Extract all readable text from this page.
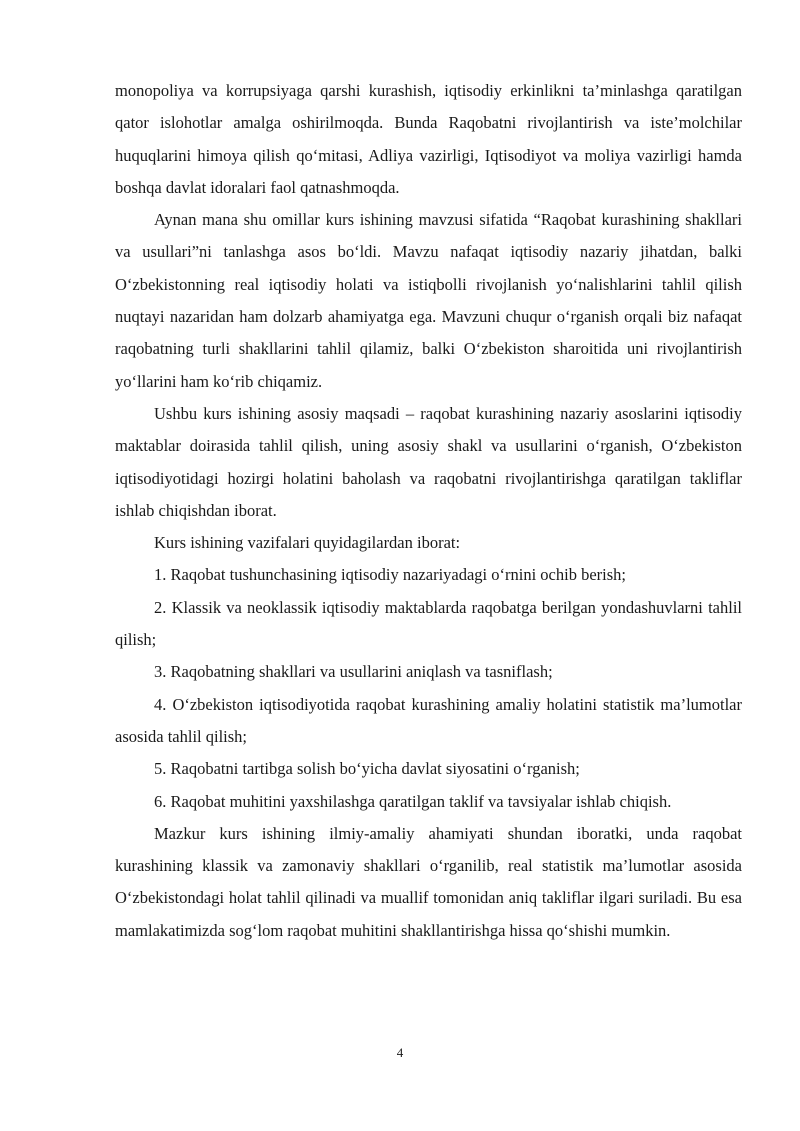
monopoliya va korrupsiyaga qarshi kurashish, iqtisodiy erkinlikni ta’minlashga qaratilgan qator islohotlar amalga oshirilmoqda. Bunda Raqobatni rivojlantirish va iste’molchilar huquqlarini himoya qilish qo‘mitasi, Adliya vazirligi, Iqtisodiyot va moliya vazirligi hamda boshqa davlat idoralari faol qatnashmoqda.

Aynan mana shu omillar kurs ishining mavzusi sifatida “Raqobat kurashining shakllari va usullari”ni tanlashga asos bo‘ldi. Mavzu nafaqat iqtisodiy nazariy jihatdan, balki O‘zbekistonning real iqtisodiy holati va istiqbolli rivojlanish yo‘nalishlarini tahlil qilish nuqtayi nazaridan ham dolzarb ahamiyatga ega. Mavzuni chuqur o‘rganish orqali biz nafaqat raqobatning turli shakllarini tahlil qilamiz, balki O‘zbekiston sharoitida uni rivojlantirish yo‘llarini ham ko‘rib chiqamiz.

Ushbu kurs ishining asosiy maqsadi – raqobat kurashining nazariy asoslarini iqtisodiy maktablar doirasida tahlil qilish, uning asosiy shakl va usullarini o‘rganish, O‘zbekiston iqtisodiyotidagi hozirgi holatini baholash va raqobatni rivojlantirishga qaratilgan takliflar ishlab chiqishdan iborat.

Kurs ishining vazifalari quyidagilardan iborat:

1. Raqobat tushunchasining iqtisodiy nazariyadagi o‘rnini ochib berish;

2. Klassik va neoklassik iqtisodiy maktablarda raqobatga berilgan yondashuvlarni tahlil qilish;

3. Raqobatning shakllari va usullarini aniqlash va tasniflash;

4. O‘zbekiston iqtisodiyotida raqobat kurashining amaliy holatini statistik ma’lumotlar asosida tahlil qilish;

5. Raqobatni tartibga solish bo‘yicha davlat siyosatini o‘rganish;

6. Raqobat muhitini yaxshilashga qaratilgan taklif va tavsiyalar ishlab chiqish.

Mazkur kurs ishining ilmiy-amaliy ahamiyati shundan iboratki, unda raqobat kurashining klassik va zamonaviy shakllari o‘rganilib, real statistik ma’lumotlar asosida O‘zbekistondagi holat tahlil qilinadi va muallif tomonidan aniq takliflar ilgari suriladi. Bu esa mamlakatimizda sog‘lom raqobat muhitini shakllantirishga hissa qo‘shishi mumkin.

4
